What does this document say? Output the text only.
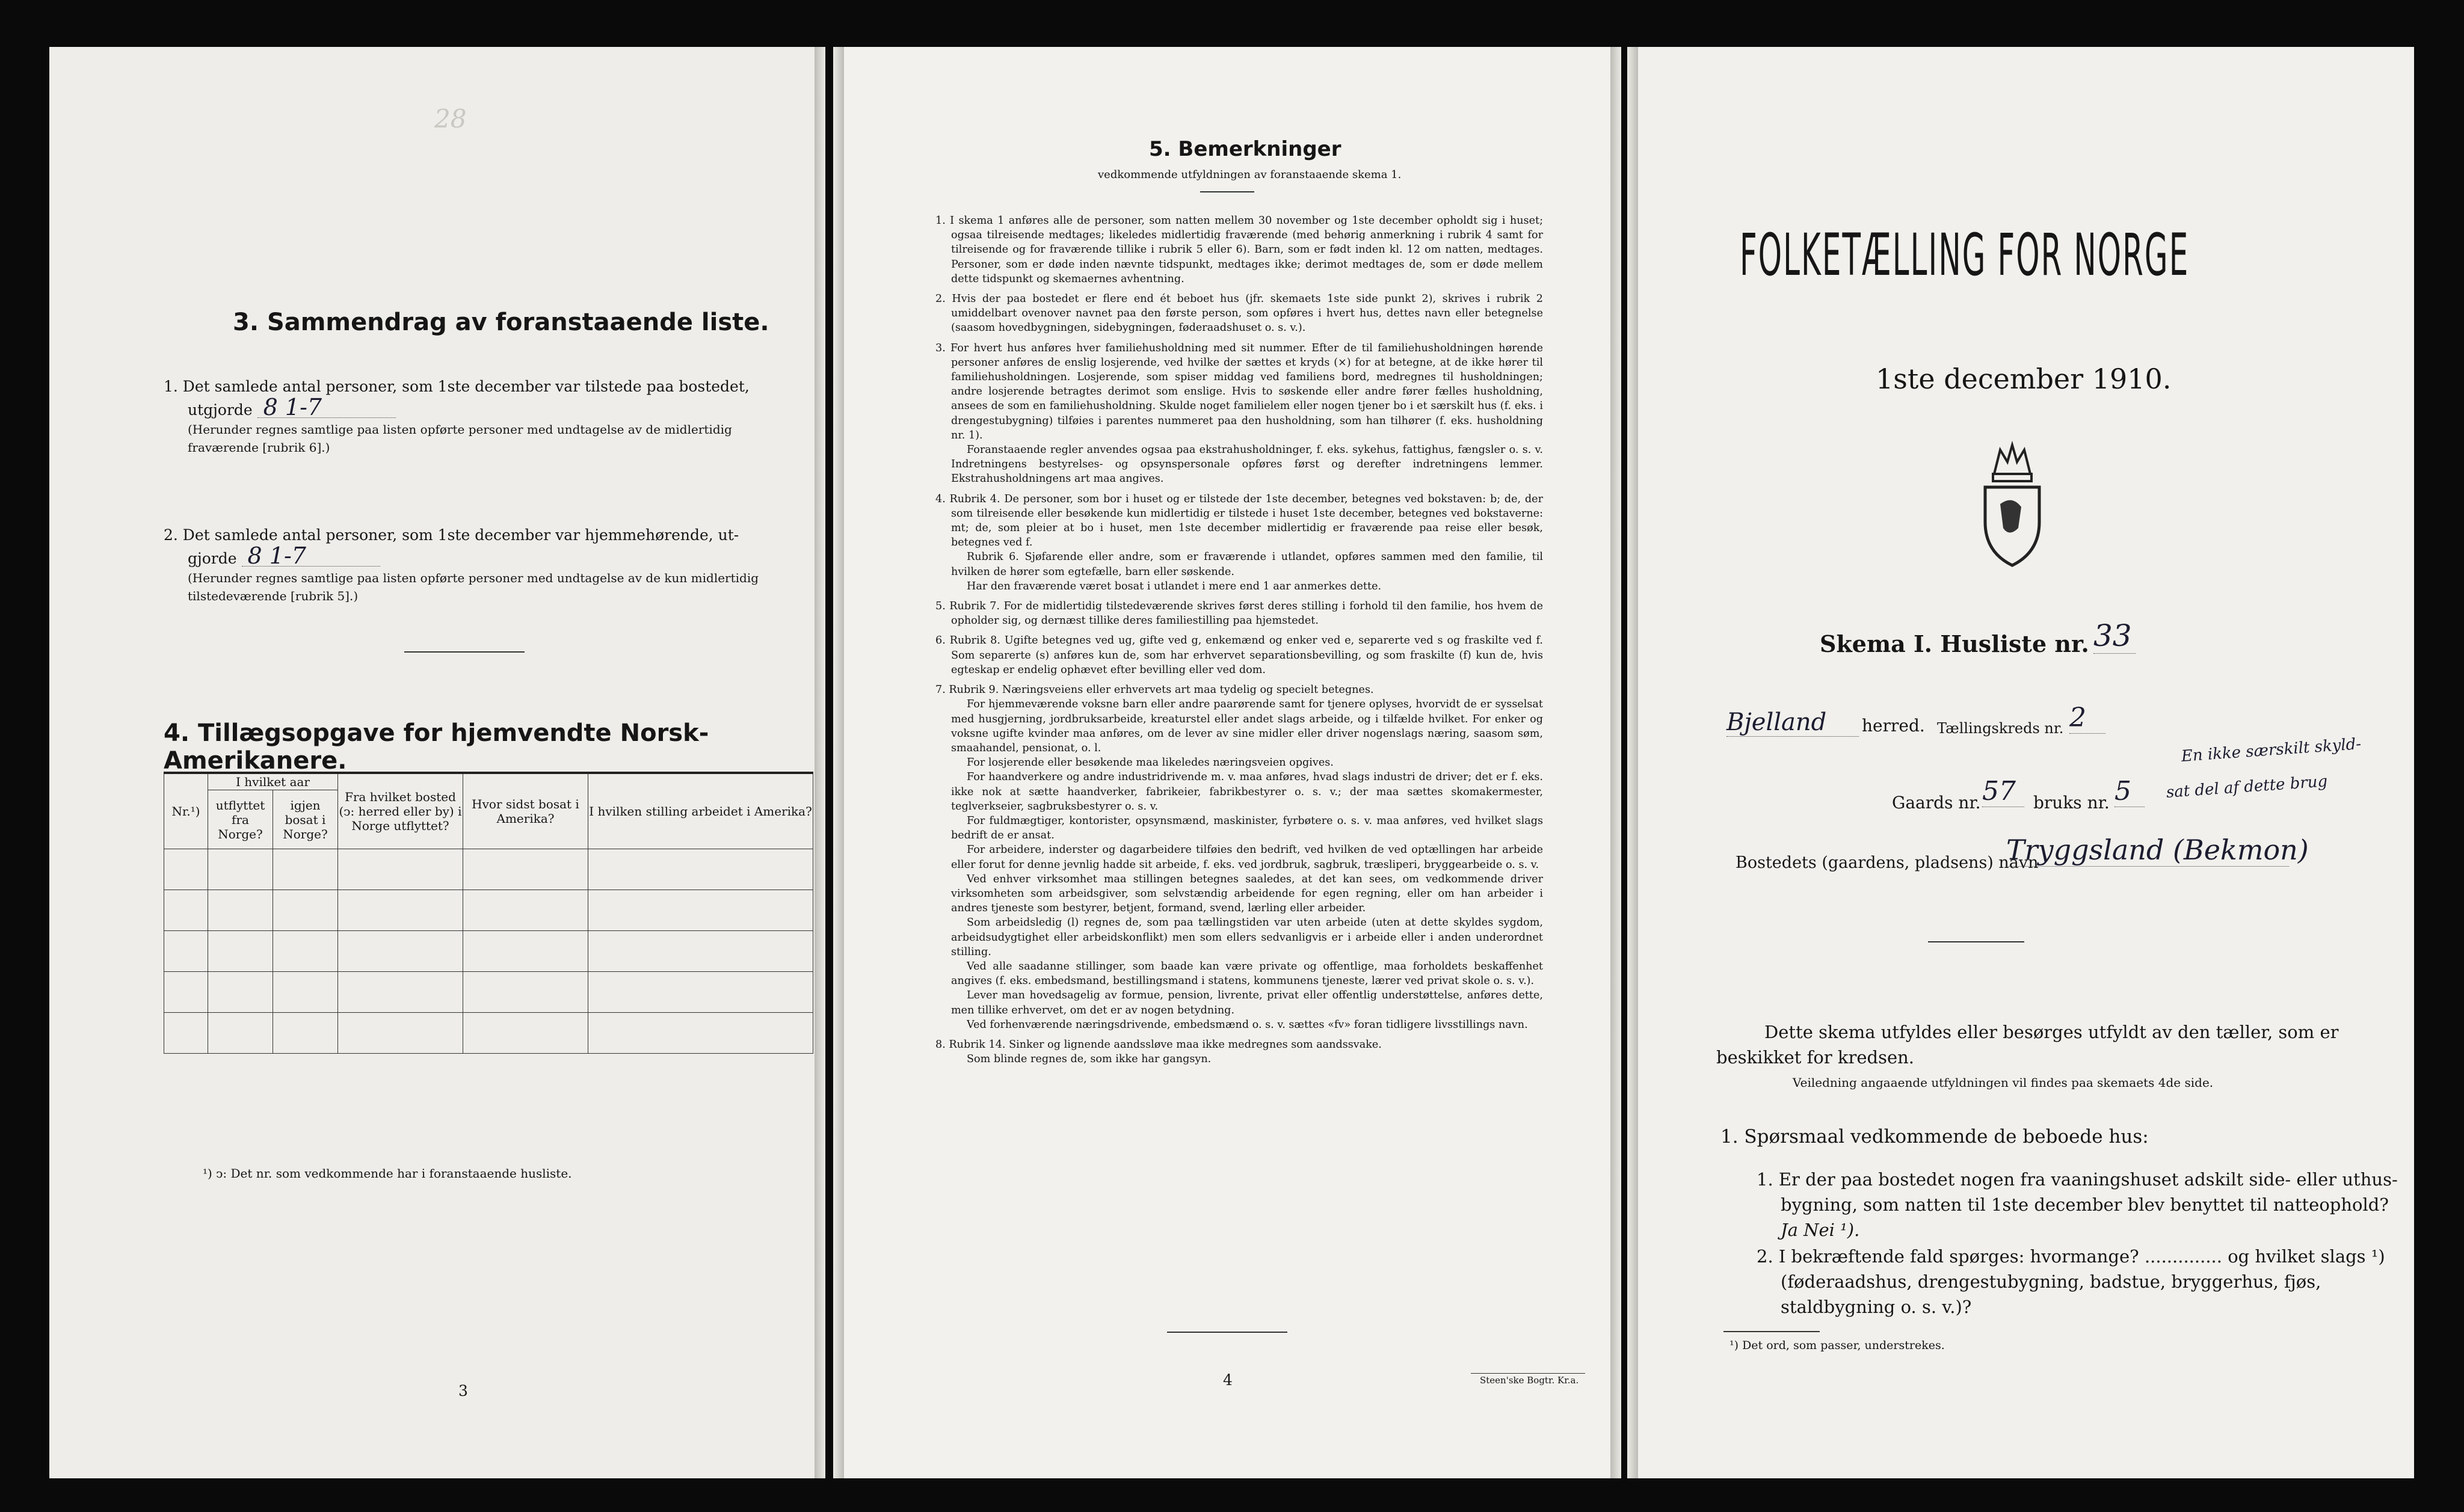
28
3. Sammendrag av foranstaaende liste.
1. Det samlede antal personer, som 1ste december var tilstede paa bostedet,
utgjorde 8 1-7
(Herunder regnes samtlige paa listen opførte personer med undtagelse av de midlertidig fraværende [rubrik 6].)
2. Det samlede antal personer, som 1ste december var hjemmehørende, ut-
gjorde 8 1-7
(Herunder regnes samtlige paa listen opførte personer med undtagelse av de kun midlertidig tilstedeværende [rubrik 5].)
4. Tillægsopgave for hjemvendte Norsk-Amerikanere.
Nr.¹)	I hvilket aar		Fra hvilket bosted (ↄ: herred eller by) i Norge utflyttet?	Hvor sidst bosat i Amerika?	I hvilken stilling arbeidet i Amerika?
	utflyttet fra Norge?	igjen bosat i Norge?			

¹) ↄ: Det nr. som vedkommende har i foranstaaende husliste.
3
5. Bemerkninger
vedkommende utfyldningen av foranstaaende skema 1.
1. I skema 1 anføres alle de personer, som natten mellem 30 november og 1ste december opholdt sig i huset; ogsaa tilreisende medtages; likeledes midlertidig fraværende (med behørig anmerkning i rubrik 4 samt for tilreisende og for fraværende tillike i rubrik 5 eller 6). Barn, som er født inden kl. 12 om natten, medtages. Personer, som er døde inden nævnte tidspunkt, medtages ikke; derimot medtages de, som er døde mellem dette tidspunkt og skemaernes avhentning.
2. Hvis der paa bostedet er flere end ét beboet hus (jfr. skemaets 1ste side punkt 2), skrives i rubrik 2 umiddelbart ovenover navnet paa den første person, som opføres i hvert hus, dettes navn eller betegnelse (saasom hovedbygningen, sidebygningen, føderaadshuset o. s. v.).
3. For hvert hus anføres hver familiehusholdning med sit nummer. Efter de til familiehusholdningen hørende personer anføres de enslig losjerende, ved hvilke der sættes et kryds (×) for at betegne, at de ikke hører til familiehusholdningen. Losjerende, som spiser middag ved familiens bord, medregnes til husholdningen; andre losjerende betragtes derimot som enslige. Hvis to søskende eller andre fører fælles husholdning, ansees de som en familiehusholdning. Skulde noget familielem eller nogen tjener bo i et særskilt hus (f. eks. i drengestubygning) tilføies i parentes nummeret paa den husholdning, som han tilhører (f. eks. husholdning nr. 1).
Foranstaaende regler anvendes ogsaa paa ekstrahusholdninger, f. eks. sykehus, fattighus, fængsler o. s. v. Indretningens bestyrelses- og opsynspersonale opføres først og derefter indretningens lemmer. Ekstrahusholdningens art maa angives.
4. Rubrik 4. De personer, som bor i huset og er tilstede der 1ste december, betegnes ved bokstaven: b; de, der som tilreisende eller besøkende kun midlertidig er tilstede i huset 1ste december, betegnes ved bokstaverne: mt; de, som pleier at bo i huset, men 1ste december midlertidig er fraværende paa reise eller besøk, betegnes ved f.
Rubrik 6. Sjøfarende eller andre, som er fraværende i utlandet, opføres sammen med den familie, til hvilken de hører som egtefælle, barn eller søskende.
Har den fraværende været bosat i utlandet i mere end 1 aar anmerkes dette.
5. Rubrik 7. For de midlertidig tilstedeværende skrives først deres stilling i forhold til den familie, hos hvem de opholder sig, og dernæst tillike deres familiestilling paa hjemstedet.
6. Rubrik 8. Ugifte betegnes ved ug, gifte ved g, enkemænd og enker ved e, separerte ved s og fraskilte ved f. Som separerte (s) anføres kun de, som har erhvervet separationsbevilling, og som fraskilte (f) kun de, hvis egteskap er endelig ophævet efter bevilling eller ved dom.
7. Rubrik 9. Næringsveiens eller erhvervets art maa tydelig og specielt betegnes.
For hjemmeværende voksne barn eller andre paarørende samt for tjenere oplyses, hvorvidt de er sysselsat med husgjerning, jordbruksarbeide, kreaturstel eller andet slags arbeide, og i tilfælde hvilket. For enker og voksne ugifte kvinder maa anføres, om de lever av sine midler eller driver nogenslags næring, saasom søm, smaahandel, pensionat, o. l.
For losjerende eller besøkende maa likeledes næringsveien opgives.
For haandverkere og andre industridrivende m. v. maa anføres, hvad slags industri de driver; det er f. eks. ikke nok at sætte haandverker, fabrikeier, fabrikbestyrer o. s. v.; der maa sættes skomakermester, teglverkseier, sagbruksbestyrer o. s. v.
For fuldmægtiger, kontorister, opsynsmænd, maskinister, fyrbøtere o. s. v. maa anføres, ved hvilket slags bedrift de er ansat.
For arbeidere, inderster og dagarbeidere tilføies den bedrift, ved hvilken de ved optællingen har arbeide eller forut for denne jevnlig hadde sit arbeide, f. eks. ved jordbruk, sagbruk, træsliperi, bryggearbeide o. s. v.
Ved enhver virksomhet maa stillingen betegnes saaledes, at det kan sees, om vedkommende driver virksomheten som arbeidsgiver, som selvstændig arbeidende for egen regning, eller om han arbeider i andres tjeneste som bestyrer, betjent, formand, svend, lærling eller arbeider.
Som arbeidsledig (l) regnes de, som paa tællingstiden var uten arbeide (uten at dette skyldes sygdom, arbeidsudygtighet eller arbeidskonflikt) men som ellers sedvanligvis er i arbeide eller i anden underordnet stilling.
Ved alle saadanne stillinger, som baade kan være private og offentlige, maa forholdets beskaffenhet angives (f. eks. embedsmand, bestillingsmand i statens, kommunens tjeneste, lærer ved privat skole o. s. v.).
Lever man hovedsagelig av formue, pension, livrente, privat eller offentlig understøttelse, anføres dette, men tillike erhvervet, om det er av nogen betydning.
Ved forhenværende næringsdrivende, embedsmænd o. s. v. sættes «fv» foran tidligere livsstillings navn.
8. Rubrik 14. Sinker og lignende aandssløve maa ikke medregnes som aandssvake.
Som blinde regnes de, som ikke har gangsyn.
4	Steen'ske Bogtr. Kr.a.
FOLKETÆLLING FOR NORGE
1ste december 1910.
Skema I. Husliste nr. 33
Bjelland	herred. Tællingskreds nr. 2
En ikke særskilt skyld-
Gaards nr. 57	bruks nr. 5	sat del af dette brug
Bostedets (gaardens, pladsens) navn
Tryggsland (Bekmon)
Dette skema utfyldes eller besørges utfyldt av den tæller, som er beskikket for kredsen.
Veiledning angaaende utfyldningen vil findes paa skemaets 4de side.
1. Spørsmaal vedkommende de beboede hus:
1. Er der paa bostedet nogen fra vaaningshuset adskilt side- eller uthus-bygning, som natten til 1ste december blev benyttet til natteophold? Ja Nei ¹).
2. I bekræftende fald spørges: hvormange? .............. og hvilket slags ¹) (føderaadshus, drengestubygning, badstue, bryggerhus, fjøs, staldbygning o. s. v.)?
¹) Det ord, som passer, understrekes.
